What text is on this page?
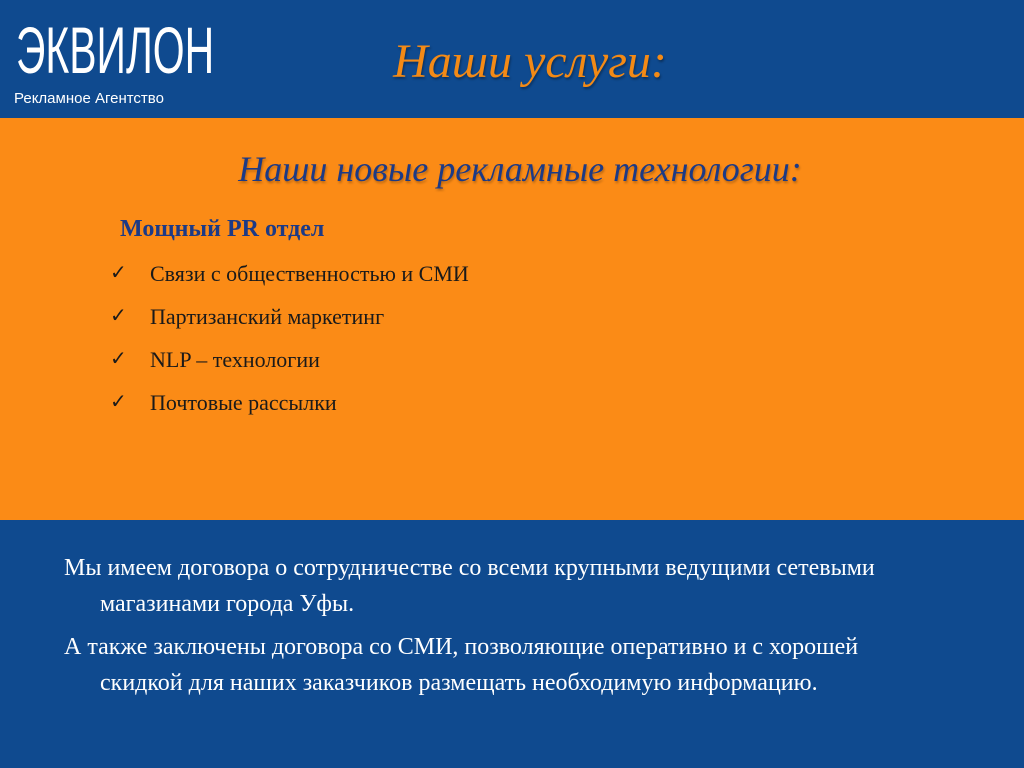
ЭКВИЛОН
Рекламное Агентство
Наши услуги:
Наши новые рекламные технологии:
Мощный PR отдел
✓ Связи с общественностью и СМИ
✓ Партизанский маркетинг
✓ NLP – технологии
✓ Почтовые рассылки

Мы имеем договора о сотрудничестве со всеми крупными ведущими сетевыми магазинами города Уфы.

А также заключены договора со СМИ, позволяющие оперативно и с хорошей скидкой для наших заказчиков размещать необходимую информацию.
